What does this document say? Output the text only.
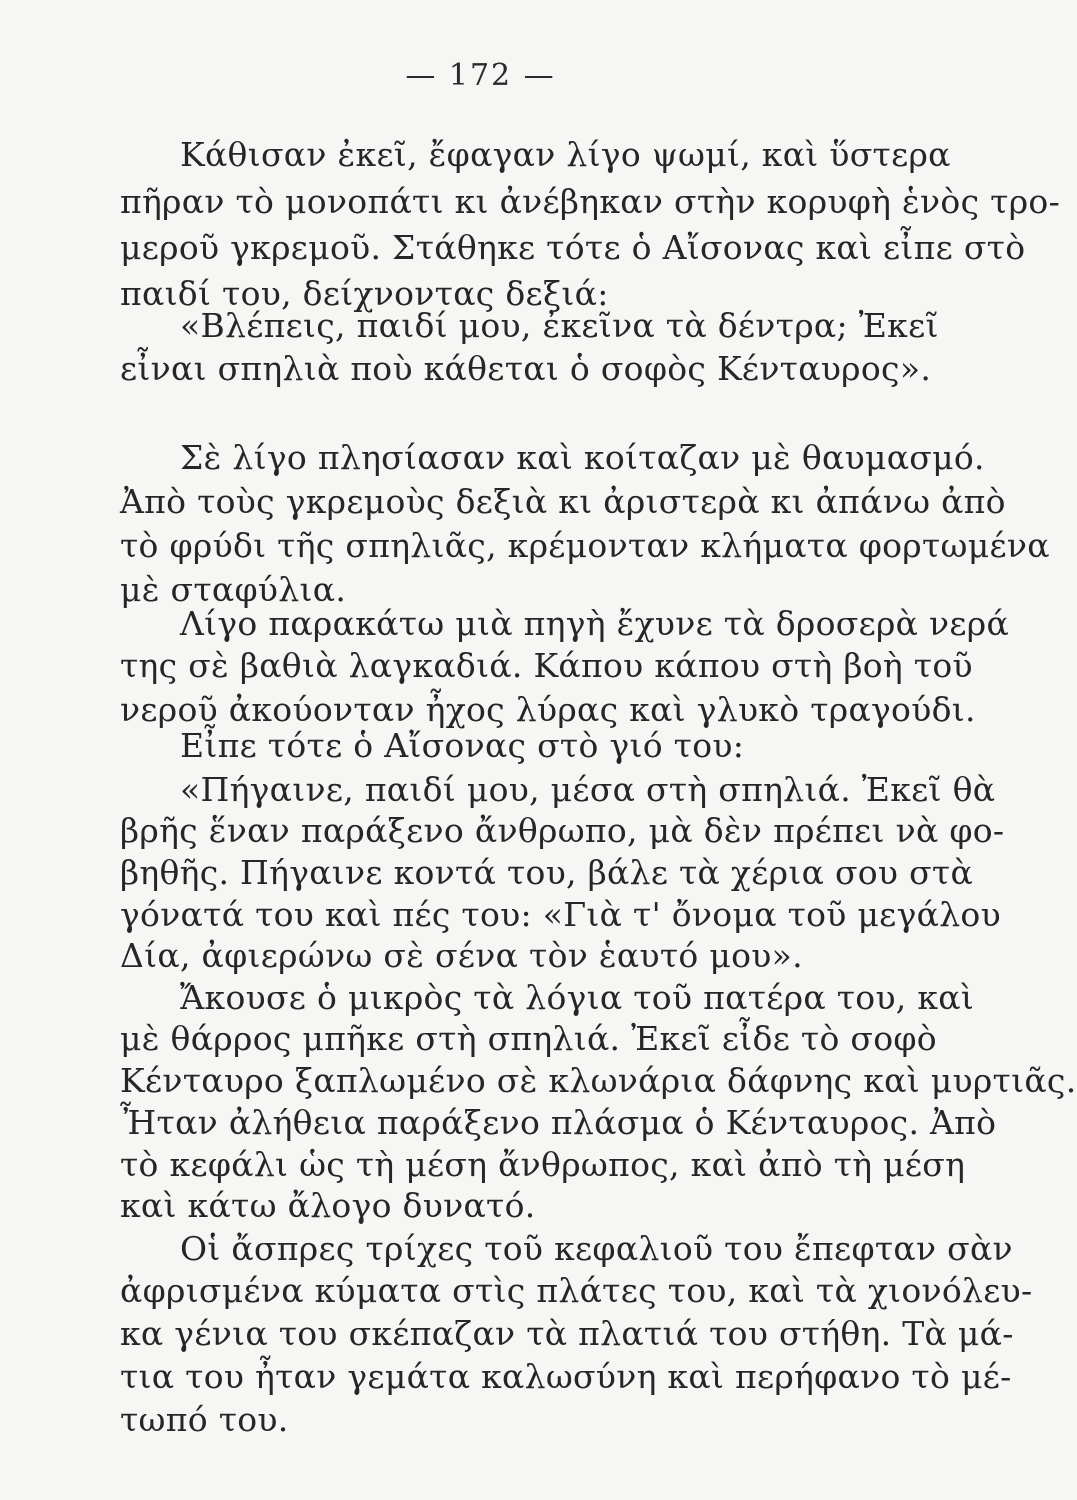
— 172 —
Κάθισαν ἐκεῖ, ἔφαγαν λίγο ψωμί, καὶ ὕστερα
πῆραν τὸ μονοπάτι κι ἀνέβηκαν στὴν κορυφὴ ἑνὸς τρο-
μεροῦ γκρεμοῦ. Στάθηκε τότε ὁ Αἴσονας καὶ εἶπε στὸ
παιδί του, δείχνοντας δεξιά:
«Βλέπεις, παιδί μου, ἐκεῖνα τὰ δέντρα; Ἐκεῖ
εἶναι σπηλιὰ ποὺ κάθεται ὁ σοφὸς Κένταυρος».
Σὲ λίγο πλησίασαν καὶ κοίταζαν μὲ θαυμασμό.
Ἀπὸ τοὺς γκρεμοὺς δεξιὰ κι ἀριστερὰ κι ἀπάνω ἀπὸ
τὸ φρύδι τῆς σπηλιᾶς, κρέμονταν κλήματα φορτωμένα
μὲ σταφύλια.
Λίγο παρακάτω μιὰ πηγὴ ἔχυνε τὰ δροσερὰ νερά
της σὲ βαθιὰ λαγκαδιά. Κάπου κάπου στὴ βοὴ τοῦ
νεροῦ ἀκούονταν ἦχος λύρας καὶ γλυκὸ τραγούδι.
Εἶπε τότε ὁ Αἴσονας στὸ γιό του:
«Πήγαινε, παιδί μου, μέσα στὴ σπηλιά. Ἐκεῖ θὰ
βρῆς ἕναν παράξενο ἄνθρωπο, μὰ δὲν πρέπει νὰ φο-
βηθῆς. Πήγαινε κοντά του, βάλε τὰ χέρια σου στὰ
γόνατά του καὶ πές του: «Γιὰ τ' ὄνομα τοῦ μεγάλου
Δία, ἀφιερώνω σὲ σένα τὸν ἑαυτό μου».
Ἄκουσε ὁ μικρὸς τὰ λόγια τοῦ πατέρα του, καὶ
μὲ θάρρος μπῆκε στὴ σπηλιά. Ἐκεῖ εἶδε τὸ σοφὸ
Κένταυρο ξαπλωμένο σὲ κλωνάρια δάφνης καὶ μυρτιᾶς.
Ἦταν ἀλήθεια παράξενο πλάσμα ὁ Κένταυρος. Ἀπὸ
τὸ κεφάλι ὡς τὴ μέση ἄνθρωπος, καὶ ἀπὸ τὴ μέση
καὶ κάτω ἄλογο δυνατό.
Οἱ ἄσπρες τρίχες τοῦ κεφαλιοῦ του ἔπεφταν σὰν
ἀφρισμένα κύματα στὶς πλάτες του, καὶ τὰ χιονόλευ-
κα γένια του σκέπαζαν τὰ πλατιά του στήθη. Τὰ μά-
τια του ἦταν γεμάτα καλωσύνη καὶ περήφανο τὸ μέ-
τωπό του.
